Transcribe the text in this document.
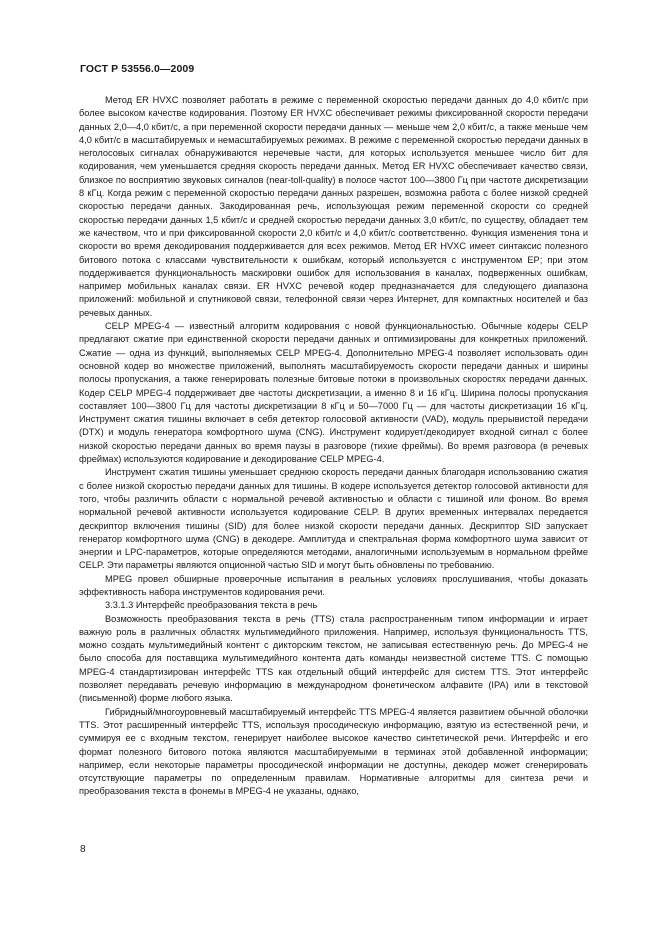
ГОСТ Р 53556.0—2009

Метод ER HVXC позволяет работать в режиме с переменной скоростью передачи данных до 4,0 кбит/с при более высоком качестве кодирования. Поэтому ER HVXC обеспечивает режимы фиксированной скорости передачи данных 2,0—4,0 кбит/с, а при переменной скорости передачи данных — меньше чем 2,0 кбит/с, а также меньше чем 4,0 кбит/с в масштабируемых и немасштабируемых режимах. В режиме с переменной скоростью передачи данных в неголосовых сигналах обнаруживаются неречевые части, для которых используется меньшее число бит для кодирования, чем уменьшается средняя скорость передачи данных. Метод ER HVXC обеспечивает качество связи, близкое по восприятию звуковых сигналов (near-toll-quality) в полосе частот 100—3800 Гц при частоте дискретизации 8 кГц. Когда режим с переменной скоростью передачи данных разрешен, возможна работа с более низкой средней скоростью передачи данных. Закодированная речь, использующая режим переменной скорости со средней скоростью передачи данных 1,5 кбит/с и средней скоростью передачи данных 3,0 кбит/с, по существу, обладает тем же качеством, что и при фиксированной скорости 2,0 кбит/с и 4,0 кбит/с соответственно. Функция изменения тона и скорости во время декодирования поддерживается для всех режимов. Метод ER HVXC имеет синтаксис полезного битового потока с классами чувствительности к ошибкам, который используется с инструментом EP; при этом поддерживается функциональность маскировки ошибок для использования в каналах, подверженных ошибкам, например мобильных каналах связи. ER HVXC речевой кодер предназначается для следующего диапазона приложений: мобильной и спутниковой связи, телефонной связи через Интернет, для компактных носителей и баз речевых данных.

CELP MPEG-4 — известный алгоритм кодирования с новой функциональностью. Обычные кодеры CELP предлагают сжатие при единственной скорости передачи данных и оптимизированы для конкретных приложений. Сжатие — одна из функций, выполняемых CELP MPEG-4. Дополнительно MPEG-4 позволяет использовать один основной кодер во множестве приложений, выполнять масштабируемость скорости передачи данных и ширины полосы пропускания, а также генерировать полезные битовые потоки в произвольных скоростях передачи данных. Кодер CELP MPEG-4 поддерживает две частоты дискретизации, а именно 8 и 16 кГц. Ширина полосы пропускания составляет 100—3800 Гц для частоты дискретизации 8 кГц и 50—7000 Гц — для частоты дискретизации 16 кГц. Инструмент сжатия тишины включает в себя детектор голосовой активности (VAD), модуль прерывистой передачи (DTX) и модуль генератора комфортного шума (CNG). Инструмент кодирует/декодирует входной сигнал с более низкой скоростью передачи данных во время паузы в разговоре (тихие фреймы). Во время разговора (в речевых фреймах) используются кодирование и декодирование CELP MPEG-4.

Инструмент сжатия тишины уменьшает среднюю скорость передачи данных благодаря использованию сжатия с более низкой скоростью передачи данных для тишины. В кодере используется детектор голосовой активности для того, чтобы различить области с нормальной речевой активностью и области с тишиной или фоном. Во время нормальной речевой активности используется кодирование CELP. В других временных интервалах передается дескриптор включения тишины (SID) для более низкой скорости передачи данных. Дескриптор SID запускает генератор комфортного шума (CNG) в декодере. Амплитуда и спектральная форма комфортного шума зависит от энергии и LPC-параметров, которые определяются методами, аналогичными используемым в нормальном фрейме CELP. Эти параметры являются опционной частью SID и могут быть обновлены по требованию.

MPEG провел обширные проверочные испытания в реальных условиях прослушивания, чтобы доказать эффективность набора инструментов кодирования речи.

3.3.1.3 Интерфейс преобразования текста в речь

Возможность преобразования текста в речь (TTS) стала распространенным типом информации и играет важную роль в различных областях мультимедийного приложения. Например, используя функциональность TTS, можно создать мультимедийный контент с дикторским текстом, не записывая естественную речь. До MPEG-4 не было способа для поставщика мультимедийного контента дать команды неизвестной системе TTS. С помощью MPEG-4 стандартизирован интерфейс TTS как отдельный общий интерфейс для систем TTS. Этот интерфейс позволяет передавать речевую информацию в международном фонетическом алфавите (IPA) или в текстовой (письменной) форме любого языка.

Гибридный/многоуровневый масштабируемый интерфейс TTS MPEG-4 является развитием обычной оболочки TTS. Этот расширенный интерфейс TTS, используя просодическую информацию, взятую из естественной речи, и суммируя ее с входным текстом, генерирует наиболее высокое качество синтетической речи. Интерфейс и его формат полезного битового потока являются масштабируемыми в терминах этой добавленной информации; например, если некоторые параметры просодической информации не доступны, декодер может сгенерировать отсутствующие параметры по определенным правилам. Нормативные алгоритмы для синтеза речи и преобразования текста в фонемы в MPEG-4 не указаны, однако,

8
